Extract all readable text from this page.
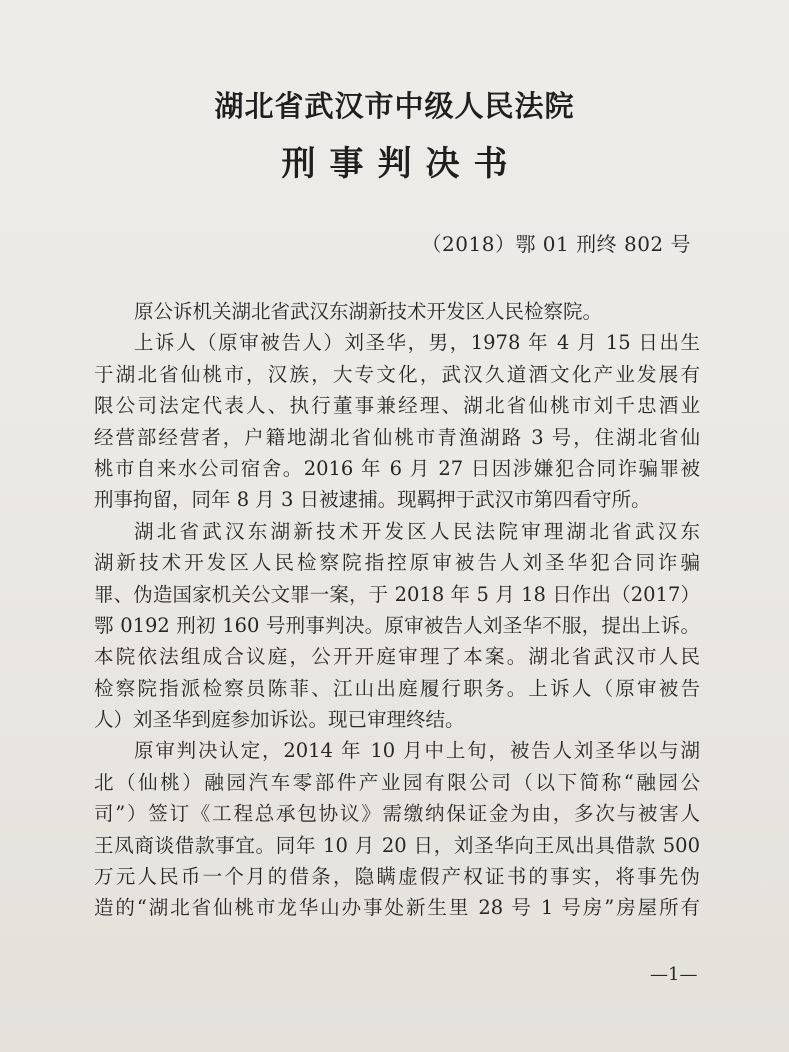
湖北省武汉市中级人民法院
刑事判决书
（2018）鄂 01 刑终 802 号
原公诉机关湖北省武汉东湖新技术开发区人民检察院。
上诉人（原审被告人）刘圣华，男，1978 年 4 月 15 日出生
于湖北省仙桃市，汉族，大专文化，武汉久道酒文化产业发展有
限公司法定代表人、执行董事兼经理、湖北省仙桃市刘千忠酒业
经营部经营者，户籍地湖北省仙桃市青渔湖路 3 号，住湖北省仙
桃市自来水公司宿舍。2016 年 6 月 27 日因涉嫌犯合同诈骗罪被
刑事拘留，同年 8 月 3 日被逮捕。现羁押于武汉市第四看守所。
湖北省武汉东湖新技术开发区人民法院审理湖北省武汉东
湖新技术开发区人民检察院指控原审被告人刘圣华犯合同诈骗
罪、伪造国家机关公文罪一案，于 2018 年 5 月 18 日作出（2017）
鄂 0192 刑初 160 号刑事判决。原审被告人刘圣华不服，提出上诉。
本院依法组成合议庭，公开开庭审理了本案。湖北省武汉市人民
检察院指派检察员陈菲、江山出庭履行职务。上诉人（原审被告
人）刘圣华到庭参加诉讼。现已审理终结。
原审判决认定，2014 年 10 月中上旬，被告人刘圣华以与湖
北（仙桃）融园汽车零部件产业园有限公司（以下简称“融园公
司”）签订《工程总承包协议》需缴纳保证金为由，多次与被害人
王凤商谈借款事宜。同年 10 月 20 日，刘圣华向王凤出具借款 500
万元人民币一个月的借条，隐瞒虚假产权证书的事实，将事先伪
造的“湖北省仙桃市龙华山办事处新生里 28 号 1 号房”房屋所有
—1—
